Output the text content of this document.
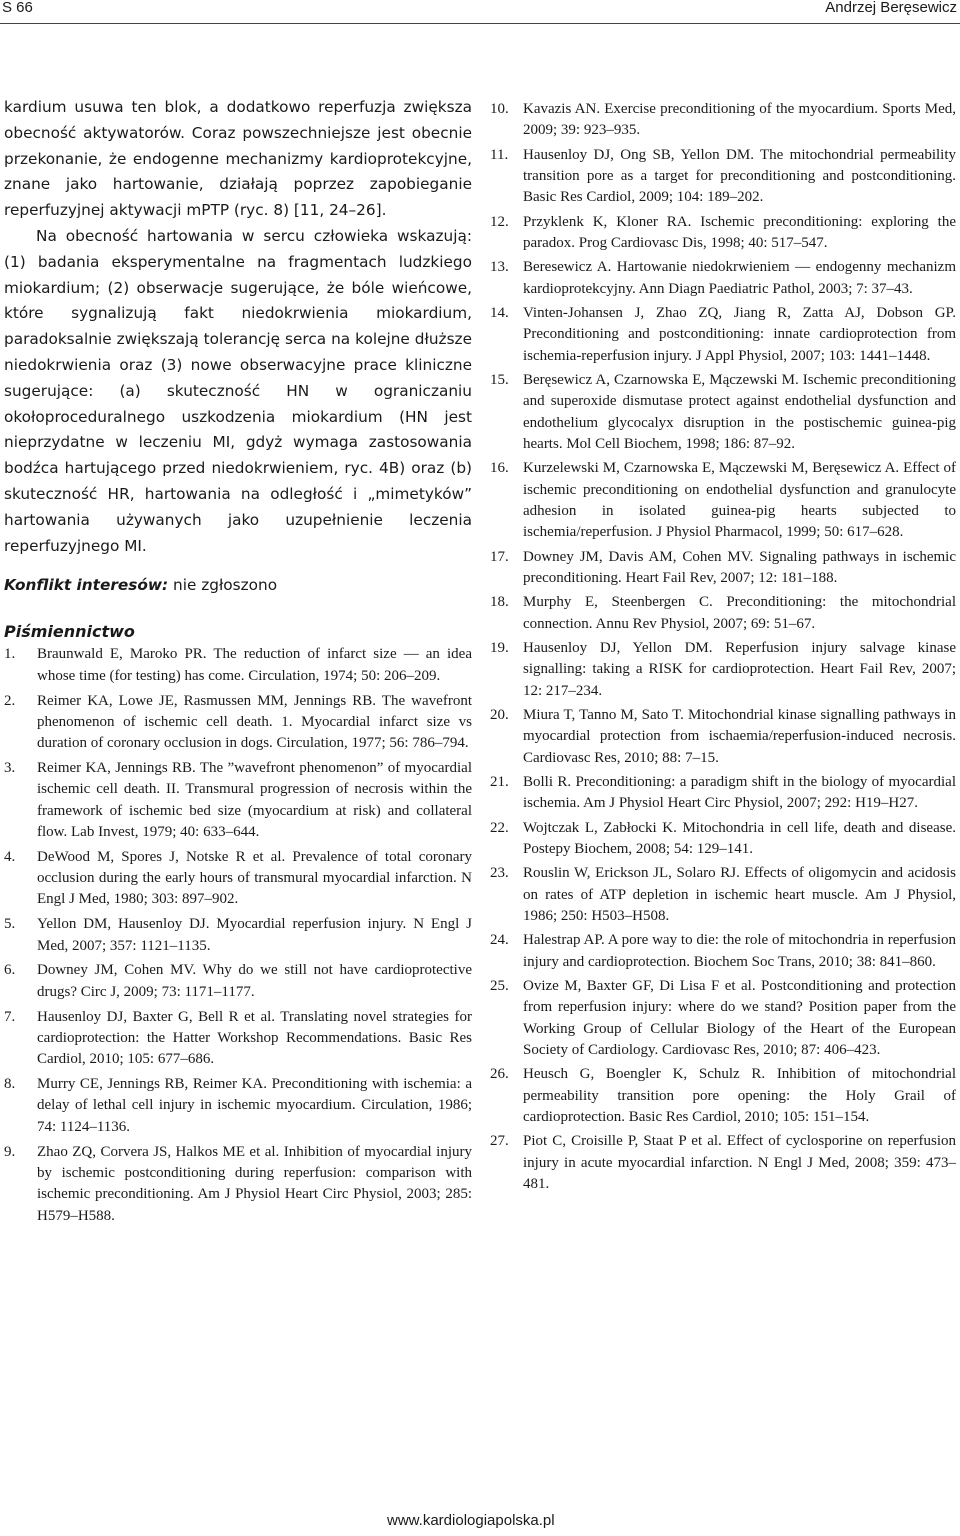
S 66	Andrzej Beręsewicz

kardium usuwa ten blok, a dodatkowo reperfuzja zwiększa obecność aktywatorów. Coraz powszechniejsze jest obecnie przekonanie, że endogenne mechanizmy kardioprotekcyjne, znane jako hartowanie, działają poprzez zapobieganie reperfuzyjnej aktywacji mPTP (ryc. 8) [11, 24–26].

Na obecność hartowania w sercu człowieka wskazują: (1) badania eksperymentalne na fragmentach ludzkiego miokardium; (2) obserwacje sugerujące, że bóle wieńcowe, które sygnalizują fakt niedokrwienia miokardium, paradoksalnie zwiększają tolerancję serca na kolejne dłuższe niedokrwienia oraz (3) nowe obserwacyjne prace kliniczne sugerujące: (a) skuteczność HN w ograniczaniu okołoproceduralnego uszkodzenia miokardium (HN jest nieprzydatne w leczeniu MI, gdyż wymaga zastosowania bodźca hartującego przed niedokrwieniem, ryc. 4B) oraz (b) skuteczność HR, hartowania na odległość i „mimetyków” hartowania używanych jako uzupełnienie leczenia reperfuzyjnego MI.

Konflikt interesów: nie zgłoszono

Piśmiennictwo

1. Braunwald E, Maroko PR. The reduction of infarct size — an idea whose time (for testing) has come. Circulation, 1974; 50: 206–209.
2. Reimer KA, Lowe JE, Rasmussen MM, Jennings RB. The wavefront phenomenon of ischemic cell death. 1. Myocardial infarct size vs duration of coronary occlusion in dogs. Circulation, 1977; 56: 786–794.
3. Reimer KA, Jennings RB. The ”wavefront phenomenon” of myocardial ischemic cell death. II. Transmural progression of necrosis within the framework of ischemic bed size (myocardium at risk) and collateral flow. Lab Invest, 1979; 40: 633–644.
4. DeWood M, Spores J, Notske R et al. Prevalence of total coronary occlusion during the early hours of transmural myocardial infarction. N Engl J Med, 1980; 303: 897–902.
5. Yellon DM, Hausenloy DJ. Myocardial reperfusion injury. N Engl J Med, 2007; 357: 1121–1135.
6. Downey JM, Cohen MV. Why do we still not have cardioprotective drugs? Circ J, 2009; 73: 1171–1177.
7. Hausenloy DJ, Baxter G, Bell R et al. Translating novel strategies for cardioprotection: the Hatter Workshop Recommendations. Basic Res Cardiol, 2010; 105: 677–686.
8. Murry CE, Jennings RB, Reimer KA. Preconditioning with ischemia: a delay of lethal cell injury in ischemic myocardium. Circulation, 1986; 74: 1124–1136.
9. Zhao ZQ, Corvera JS, Halkos ME et al. Inhibition of myocardial injury by ischemic postconditioning during reperfusion: comparison with ischemic preconditioning. Am J Physiol Heart Circ Physiol, 2003; 285: H579–H588.
10. Kavazis AN. Exercise preconditioning of the myocardium. Sports Med, 2009; 39: 923–935.
11. Hausenloy DJ, Ong SB, Yellon DM. The mitochondrial permeability transition pore as a target for preconditioning and postconditioning. Basic Res Cardiol, 2009; 104: 189–202.
12. Przyklenk K, Kloner RA. Ischemic preconditioning: exploring the paradox. Prog Cardiovasc Dis, 1998; 40: 517–547.
13. Beresewicz A. Hartowanie niedokrwieniem — endogenny mechanizm kardioprotekcyjny. Ann Diagn Paediatric Pathol, 2003; 7: 37–43.
14. Vinten-Johansen J, Zhao ZQ, Jiang R, Zatta AJ, Dobson GP. Preconditioning and postconditioning: innate cardioprotection from ischemia-reperfusion injury. J Appl Physiol, 2007; 103: 1441–1448.
15. Beręsewicz A, Czarnowska E, Mączewski M. Ischemic preconditioning and superoxide dismutase protect against endothelial dysfunction and endothelium glycocalyx disruption in the postischemic guinea-pig hearts. Mol Cell Biochem, 1998; 186: 87–92.
16. Kurzelewski M, Czarnowska E, Mączewski M, Beręsewicz A. Effect of ischemic preconditioning on endothelial dysfunction and granulocyte adhesion in isolated guinea-pig hearts subjected to ischemia/reperfusion. J Physiol Pharmacol, 1999; 50: 617–628.
17. Downey JM, Davis AM, Cohen MV. Signaling pathways in ischemic preconditioning. Heart Fail Rev, 2007; 12: 181–188.
18. Murphy E, Steenbergen C. Preconditioning: the mitochondrial connection. Annu Rev Physiol, 2007; 69: 51–67.
19. Hausenloy DJ, Yellon DM. Reperfusion injury salvage kinase signalling: taking a RISK for cardioprotection. Heart Fail Rev, 2007; 12: 217–234.
20. Miura T, Tanno M, Sato T. Mitochondrial kinase signalling pathways in myocardial protection from ischaemia/reperfusion-induced necrosis. Cardiovasc Res, 2010; 88: 7–15.
21. Bolli R. Preconditioning: a paradigm shift in the biology of myocardial ischemia. Am J Physiol Heart Circ Physiol, 2007; 292: H19–H27.
22. Wojtczak L, Zabłocki K. Mitochondria in cell life, death and disease. Postepy Biochem, 2008; 54: 129–141.
23. Rouslin W, Erickson JL, Solaro RJ. Effects of oligomycin and acidosis on rates of ATP depletion in ischemic heart muscle. Am J Physiol, 1986; 250: H503–H508.
24. Halestrap AP. A pore way to die: the role of mitochondria in reperfusion injury and cardioprotection. Biochem Soc Trans, 2010; 38: 841–860.
25. Ovize M, Baxter GF, Di Lisa F et al. Postconditioning and protection from reperfusion injury: where do we stand? Position paper from the Working Group of Cellular Biology of the Heart of the European Society of Cardiology. Cardiovasc Res, 2010; 87: 406–423.
26. Heusch G, Boengler K, Schulz R. Inhibition of mitochondrial permeability transition pore opening: the Holy Grail of cardioprotection. Basic Res Cardiol, 2010; 105: 151–154.
27. Piot C, Croisille P, Staat P et al. Effect of cyclosporine on reperfusion injury in acute myocardial infarction. N Engl J Med, 2008; 359: 473–481.
www.kardiologiapolska.pl
